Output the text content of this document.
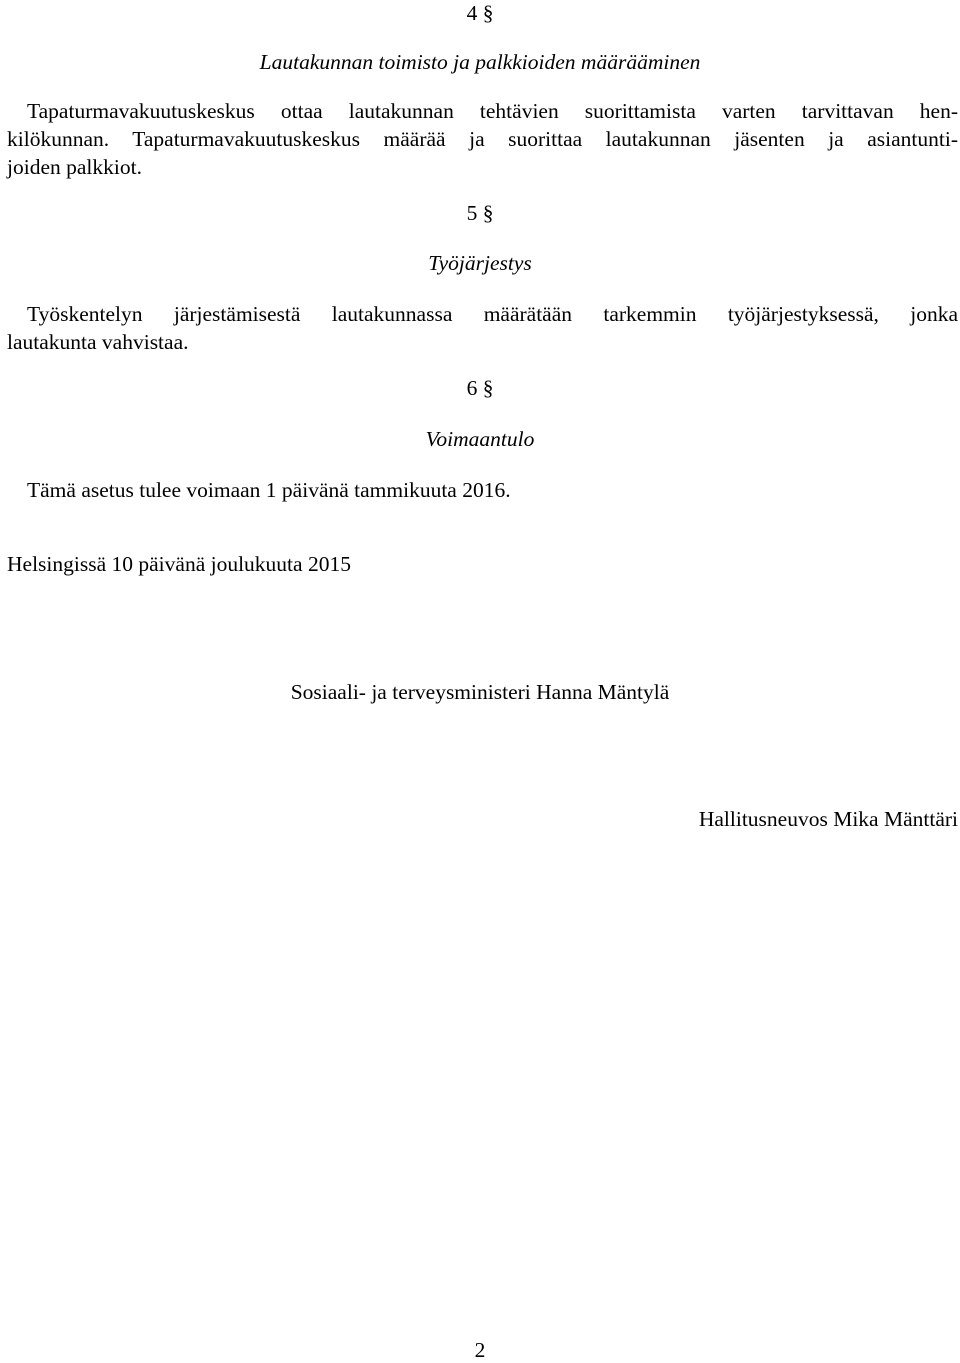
4 §
Lautakunnan toimisto ja palkkioiden määrääminen
Tapaturmavakuutuskeskus ottaa lautakunnan tehtävien suorittamista varten tarvittavan hen-
kilökunnan. Tapaturmavakuutuskeskus määrää ja suorittaa lautakunnan jäsenten ja asiantunti-
joiden palkkiot.
5 §
Työjärjestys
Työskentelyn järjestämisestä lautakunnassa määrätään tarkemmin työjärjestyksessä, jonka
lautakunta vahvistaa.
6 §
Voimaantulo
Tämä asetus tulee voimaan 1 päivänä tammikuuta 2016.
Helsingissä 10 päivänä joulukuuta 2015
Sosiaali- ja terveysministeri Hanna Mäntylä
Hallitusneuvos Mika Mänttäri
2
